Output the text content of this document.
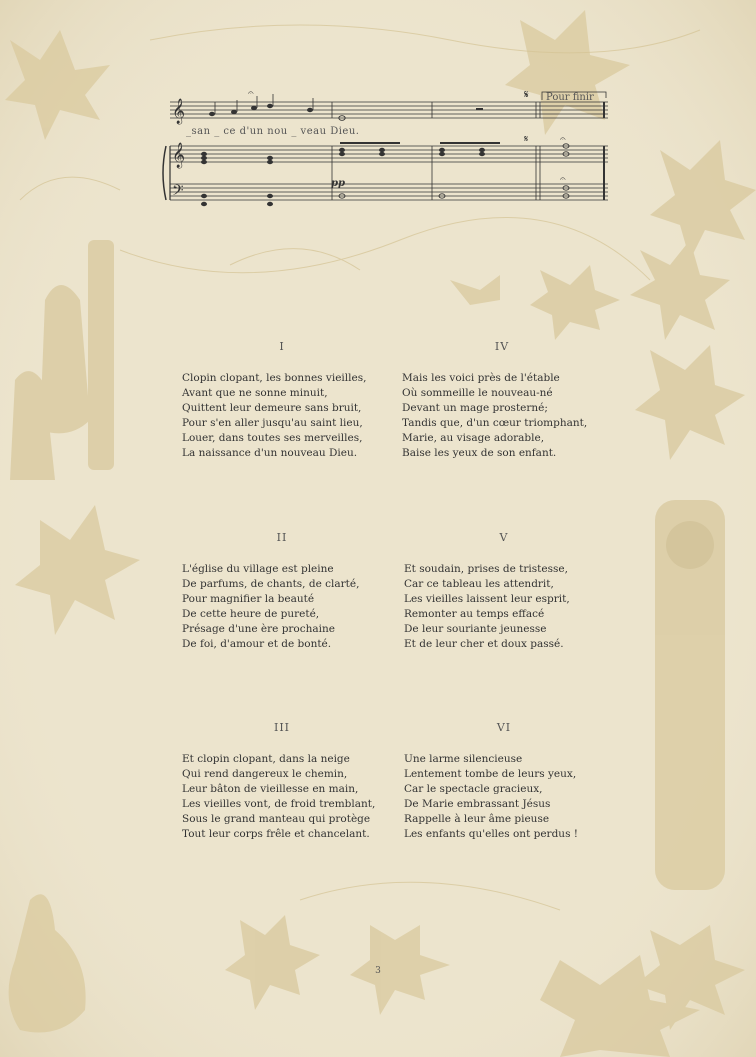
𝄞
𝄞
𝄢
𝄐
𝄐
𝄐
𝄋
𝄋
_san _ ce d'un nou _ veau Dieu.
Pour finir
pp
I
Clopin clopant, les bonnes vieilles,
Avant que ne sonne minuit,
Quittent leur demeure sans bruit,
Pour s'en aller jusqu'au saint lieu,
Louer, dans toutes ses merveilles,
La naissance d'un nouveau Dieu.
IV
Mais les voici près de l'étable
Où sommeille le nouveau-né
Devant un mage prosterné;
Tandis que, d'un cœur triomphant,
Marie, au visage adorable,
Baise les yeux de son enfant.
II
L'église du village est pleine
De parfums, de chants, de clarté,
Pour magnifier la beauté
De cette heure de pureté,
Présage d'une ère prochaine
De foi, d'amour et de bonté.
V
Et soudain, prises de tristesse,
Car ce tableau les attendrit,
Les vieilles laissent leur esprit,
Remonter au temps effacé
De leur souriante jeunesse
Et de leur cher et doux passé.
III
Et clopin clopant, dans la neige
Qui rend dangereux le chemin,
Leur bâton de vieillesse en main,
Les vieilles vont, de froid tremblant,
Sous le grand manteau qui protège
Tout leur corps frêle et chancelant.
VI
Une larme silencieuse
Lentement tombe de leurs yeux,
Car le spectacle gracieux,
De Marie embrassant Jésus
Rappelle à leur âme pieuse
Les enfants qu'elles ont perdus !
3
